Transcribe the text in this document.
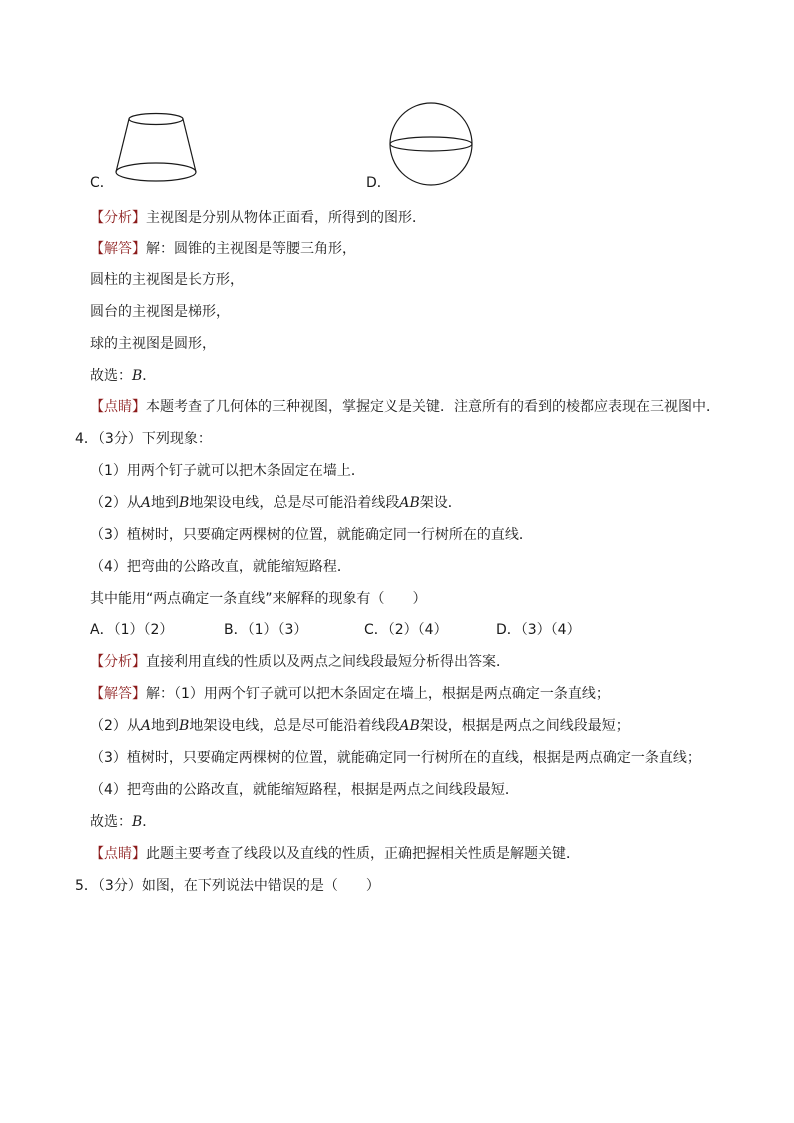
C．	D．
【分析】主视图是分别从物体正面看，所得到的图形．
【解答】解：圆锥的主视图是等腰三角形，
圆柱的主视图是长方形，
圆台的主视图是梯形，
球的主视图是圆形，
故选：B．
【点睛】本题考查了几何体的三种视图，掌握定义是关键．注意所有的看到的棱都应表现在三视图中．
4．（3分）下列现象：
（1）用两个钉子就可以把木条固定在墙上．
（2）从A地到B地架设电线，总是尽可能沿着线段AB架设．
（3）植树时，只要确定两棵树的位置，就能确定同一行树所在的直线．
（4）把弯曲的公路改直，就能缩短路程．
其中能用“两点确定一条直线”来解释的现象有（　　）
A．（1）（2）	B．（1）（3）	C．（2）（4）	D．（3）（4）
【分析】直接利用直线的性质以及两点之间线段最短分析得出答案．
【解答】解：（1）用两个钉子就可以把木条固定在墙上，根据是两点确定一条直线；
（2）从A地到B地架设电线，总是尽可能沿着线段AB架设，根据是两点之间线段最短；
（3）植树时，只要确定两棵树的位置，就能确定同一行树所在的直线，根据是两点确定一条直线；
（4）把弯曲的公路改直，就能缩短路程，根据是两点之间线段最短．
故选：B．
【点睛】此题主要考查了线段以及直线的性质，正确把握相关性质是解题关键．
5．（3分）如图，在下列说法中错误的是（　　）
